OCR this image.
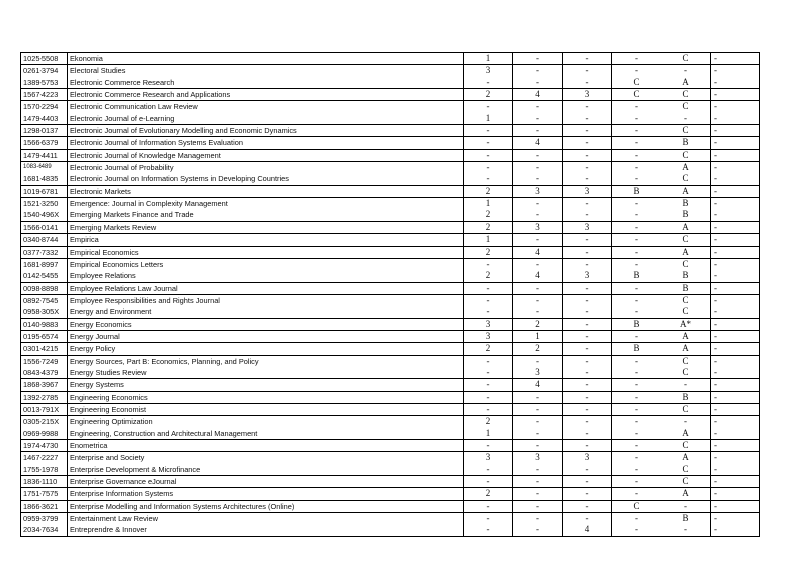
1025-5508	Ekonomia	1	-	-	-	C	-
0261-3794	Electoral Studies	3	-	-	-	-	-
1389-5753	Electronic Commerce Research	-	-	-	C	A	-
1567-4223	Electronic Commerce Research and Applications	2	4	3	C	C	-
1570-2294	Electronic Communication Law Review	-	-	-	-	C	-
1479-4403	Electronic Journal of e-Learning	1	-	-	-	-	-
1298-0137	Electronic Journal of Evolutionary Modelling and Economic Dynamics	-	-	-	-	C	-
1566-6379	Electronic Journal of Information Systems Evaluation	-	4	-	-	B	-
1479-4411	Electronic Journal of Knowledge Management	-	-	-	-	C	-
1083-6489	Electronic Journal of Probability	-	-	-	-	A	-
1681-4835	Electronic Journal on Information Systems in Developing Countries	-	-	-	-	C	-
1019-6781	Electronic Markets	2	3	3	B	A	-
1521-3250	Emergence: Journal in Complexity Management	1	-	-	-	B	-
1540-496X	Emerging Markets Finance and Trade	2	-	-	-	B	-
1566-0141	Emerging Markets Review	2	3	3	-	A	-
0340-8744	Empirica	1	-	-	-	C	-
0377-7332	Empirical Economics	2	4	-	-	A	-
1681-8997	Empirical Economics Letters	-	-	-	-	C	-
0142-5455	Employee Relations	2	4	3	B	B	-
0098-8898	Employee Relations Law Journal	-	-	-	-	B	-
0892-7545	Employee Responsibilities and Rights Journal	-	-	-	-	C	-
0958-305X	Energy and Environment	-	-	-	-	C	-
0140-9883	Energy Economics	3	2	-	B	A*	-
0195-6574	Energy Journal	3	1	-	-	A	-
0301-4215	Energy Policy	2	2	-	B	A	-
1556-7249	Energy Sources, Part B: Economics, Planning, and Policy	-	-	-	-	C	-
0843-4379	Energy Studies Review	-	3	-	-	C	-
1868-3967	Energy Systems	-	4	-	-	-	-
1392-2785	Engineering Economics	-	-	-	-	B	-
0013-791X	Engineering Economist	-	-	-	-	C	-
0305-215X	Engineering Optimization	2	-	-	-	-	-
0969-9988	Engineering, Construction and Architectural Management	1	-	-	-	A	-
1974-4730	Enometrica	-	-	-	-	C	-
1467-2227	Enterprise and Society	3	3	3	-	A	-
1755-1978	Enterprise Development & Microfinance	-	-	-	-	C	-
1836-1110	Enterprise Governance eJournal	-	-	-	-	C	-
1751-7575	Enterprise Information Systems	2	-	-	-	A	-
1866-3621	Enterprise Modelling and Information Systems Architectures (Online)	-	-	-	C	-	-
0959-3799	Entertainment Law Review	-	-	-	-	B	-
2034-7634	Entreprendre & Innover	-	-	4	-	-	-
